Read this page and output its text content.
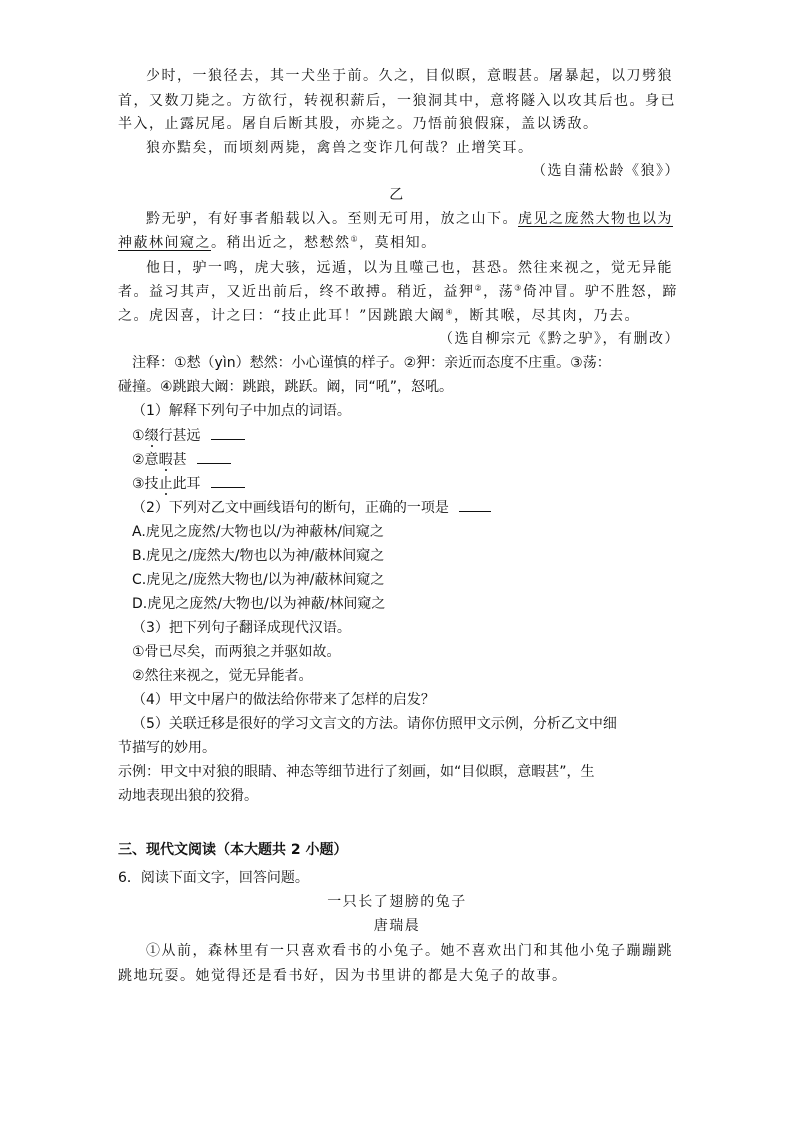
少时，一狼径去，其一犬坐于前。久之，目似瞑，意暇甚。屠暴起，以刀劈狼
首，又数刀毙之。方欲行，转视积薪后，一狼洞其中，意将隧入以攻其后也。身已
半入，止露尻尾。屠自后断其股，亦毙之。乃悟前狼假寐，盖以诱敌。
狼亦黠矣，而顷刻两毙，禽兽之变诈几何哉？止增笑耳。
（选自蒲松龄《狼》）
乙
黔无驴，有好事者船载以入。至则无可用，放之山下。虎见之庞然大物也以为
神蔽林间窥之。稍出近之，慭慭然①，莫相知。
他日，驴一鸣，虎大骇，远遁，以为且噬己也，甚恐。然往来视之，觉无异能
者。益习其声，又近出前后，终不敢搏。稍近，益狎②，荡③倚冲冒。驴不胜怒，蹄
之。虎因喜，计之曰：“技止此耳！”因跳踉大阚④，断其喉，尽其肉，乃去。
（选自柳宗元《黔之驴》，有删改）
注释：①慭（yìn）慭然：小心谨慎的样子。②狎：亲近而态度不庄重。③荡：
碰撞。④跳踉大阚：跳踉，跳跃。阚，同“吼”，怒吼。
（1）解释下列句子中加点的词语。
①缀行甚远
②意暇甚
③技止此耳
（2）下列对乙文中画线语句的断句，正确的一项是
A.虎见之庞然/大物也以/为神蔽林/间窥之
B.虎见之/庞然大/物也以为神/蔽林间窥之
C.虎见之/庞然大物也/以为神/蔽林间窥之
D.虎见之庞然/大物也/以为神蔽/林间窥之
（3）把下列句子翻译成现代汉语。
①骨已尽矣，而两狼之并驱如故。
②然往来视之，觉无异能者。
（4）甲文中屠户的做法给你带来了怎样的启发？
（5）关联迁移是很好的学习文言文的方法。请你仿照甲文示例，分析乙文中细
节描写的妙用。
示例：甲文中对狼的眼睛、神态等细节进行了刻画，如“目似瞑，意暇甚”，生
动地表现出狼的狡猾。
三、现代文阅读（本大题共 2 小题）
6．阅读下面文字，回答问题。
一只长了翅膀的兔子
唐瑞晨
①从前，森林里有一只喜欢看书的小兔子。她不喜欢出门和其他小兔子蹦蹦跳
跳地玩耍。她觉得还是看书好，因为书里讲的都是大兔子的故事。
